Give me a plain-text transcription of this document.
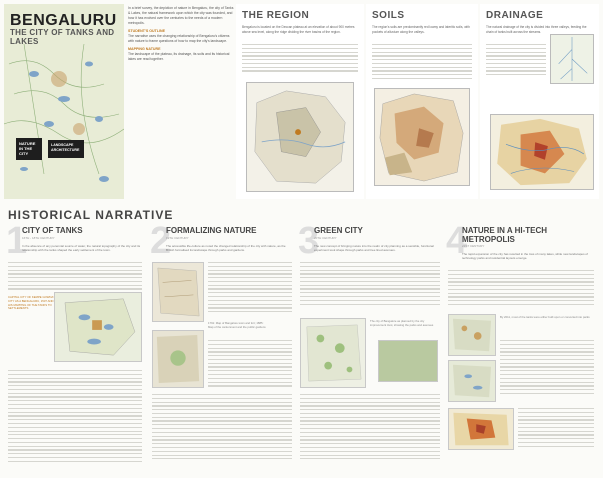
BENGALURU
THE CITY OF TANKS AND LAKES
NATURE IN THE CITY
LANDSCAPE ARCHITECTURE

In a brief survey, the depiction of nature in Bengaluru, the city of Tanks & Lakes, the natural framework upon which the city was founded, and how it has evolved over the centuries to the needs of a modern metropolis.

STUDENT'S OUTLINE

The narrative uses the changing relationship of Bengaluru's citizens with nature to frame questions of how to map the city's landscape.

MAPPING NATURE

The landscape of the plateau, its drainage, its soils and its historical lakes are read together.

THE REGION
Bengaluru is located on the Deccan plateau at an elevation of about 900 metres above sea level, along the ridge dividing the river basins of the region.
SOILS
The region's soils are predominantly red loamy and lateritic soils, with pockets of alluvium along the valleys.
DRAINAGE
The natural drainage of the city is divided into three valleys, feeding the chain of tanks built across the streams.
HISTORICAL NARRATIVE
1
CITY OF TANKS
16TH - 18TH CENTURY
In the absence of any perennial source of water, the natural topography of the city and its relationship with the tanks shaped the early settlement of the town.
CAPITAL CITY OF KEMPE GOWDA'S CITY AS A BENGALURU, 1537 AND HIS MAPPING OF THE TANKS TO SETTLEMENTS
2
FORMALIZING NATURE
19TH CENTURY
The accessible life-culture as noted the changed relationship of the city with nature, as the British formalised its landscape through parks and gardens.
1791: Map of Bangalore town and fort; 1885: Map of the cantonment and the public gardens
3
GREEN CITY
20TH CENTURY
The new concept of bringing nature into the realm of city planning as a sensible, functional experiment took shape through parks and tree lined avenues.
The city of Bangalore as planned by the city improvement trust, showing the parks and avenues
4
NATURE IN A HI-TECH METROPOLIS
21ST CENTURY
The rapid expansion of the city has resulted in the loss of many lakes, while new landscapes of technology parks and residential layouts emerge.
By 2011, most of the tanks were either built upon or converted into parks
